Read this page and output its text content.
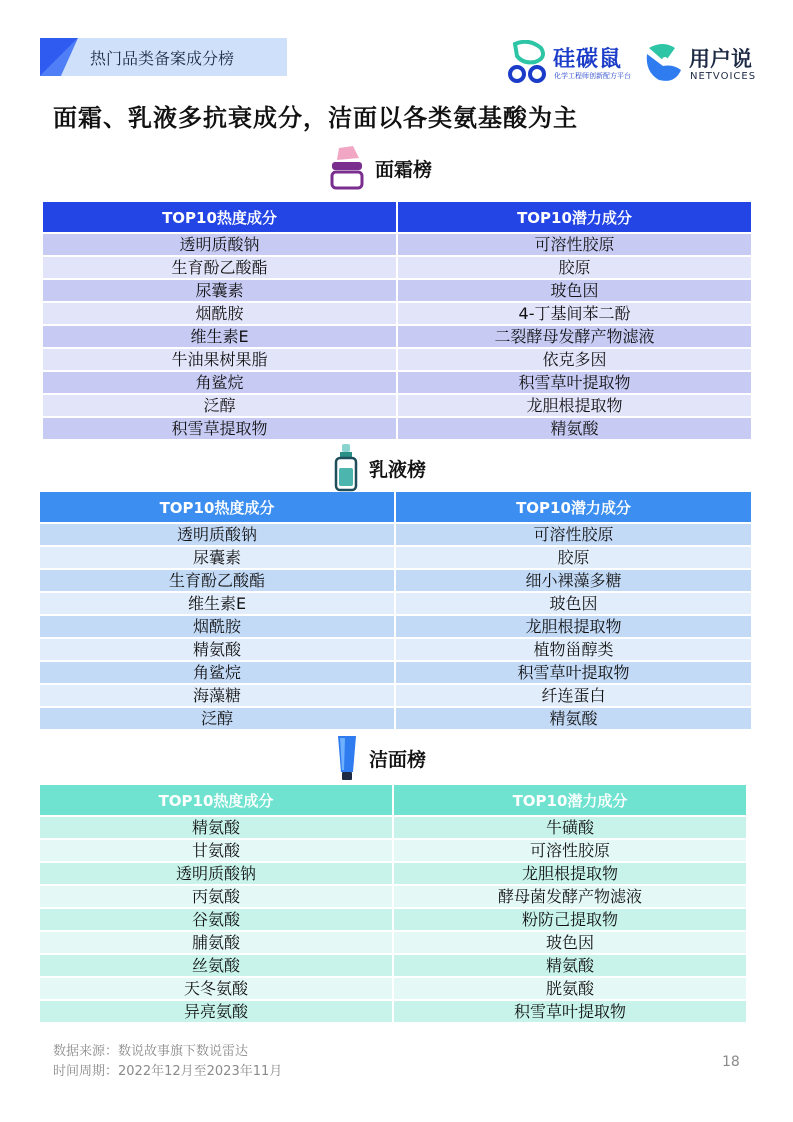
热门品类备案成分榜	硅碳鼠
化学工程师创新配方平台
用户说
NETVOICES
面霜、乳液多抗衰成分，洁面以各类氨基酸为主
面霜榜
TOP10热度成分	TOP10潜力成分
透明质酸钠	可溶性胶原
生育酚乙酸酯	胶原
尿囊素	玻色因
烟酰胺	4-丁基间苯二酚
维生素E	二裂酵母发酵产物滤液
牛油果树果脂	依克多因
角鲨烷	积雪草叶提取物
泛醇	龙胆根提取物
积雪草提取物	精氨酸
乳液榜
TOP10热度成分	TOP10潜力成分
透明质酸钠	可溶性胶原
尿囊素	胶原
生育酚乙酸酯	细小裸藻多糖
维生素E	玻色因
烟酰胺	龙胆根提取物
精氨酸	植物甾醇类
角鲨烷	积雪草叶提取物
海藻糖	纤连蛋白
泛醇	精氨酸
洁面榜
TOP10热度成分	TOP10潜力成分
精氨酸	牛磺酸
甘氨酸	可溶性胶原
透明质酸钠	龙胆根提取物
丙氨酸	酵母菌发酵产物滤液
谷氨酸	粉防己提取物
脯氨酸	玻色因
丝氨酸	精氨酸
天冬氨酸	胱氨酸
异亮氨酸	积雪草叶提取物
数据来源：数说故事旗下数说雷达
时间周期：2022年12月至2023年11月
18
